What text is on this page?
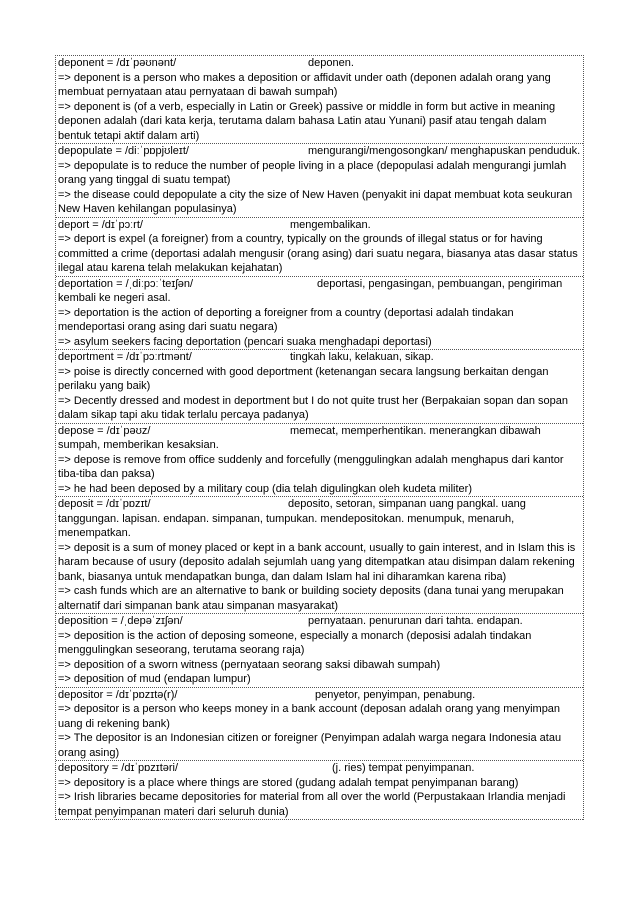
deponent = /dɪˈpəʊnənt/	deponen.
=> deponent is a person who makes a deposition or affidavit under oath (deponen adalah orang yang membuat pernyataan atau pernyataan di bawah sumpah)
=> deponent is (of a verb, especially in Latin or Greek) passive or middle in form but active in meaning deponen adalah (dari kata kerja, terutama dalam bahasa Latin atau Yunani) pasif atau tengah dalam bentuk tetapi aktif dalam arti)
depopulate = /diːˈpɒpjʊleɪt/	mengurangi/mengosongkan/ menghapuskan penduduk.
=> depopulate is to reduce the number of people living in a place (depopulasi adalah mengurangi jumlah orang yang tinggal di suatu tempat)
=> the disease could depopulate a city the size of New Haven (penyakit ini dapat membuat kota seukuran New Haven kehilangan populasinya)
deport = /dɪˈpɔːrt/	mengembalikan.
=> deport is expel (a foreigner) from a country, typically on the grounds of illegal status or for having committed a crime (deportasi adalah mengusir (orang asing) dari suatu negara, biasanya atas dasar status ilegal atau karena telah melakukan kejahatan)
deportation = /ˌdiːpɔːˈteɪʃən/	deportasi, pengasingan, pembuangan, pengiriman kembali ke negeri asal.
=> deportation is the action of deporting a foreigner from a country (deportasi adalah tindakan mendeportasi orang asing dari suatu negara)
=> asylum seekers facing deportation (pencari suaka menghadapi deportasi)
deportment = /dɪˈpɔːrtmənt/	tingkah laku, kelakuan, sikap.
=> poise is directly concerned with good deportment (ketenangan secara langsung berkaitan dengan perilaku yang baik)
=> Decently dressed and modest in deportment but I do not quite trust her (Berpakaian sopan dan sopan dalam sikap tapi aku tidak terlalu percaya padanya)
depose = /dɪˈpəʊz/	memecat, memperhentikan. menerangkan dibawah sumpah, memberikan kesaksian.
=> depose is remove from office suddenly and forcefully (menggulingkan adalah menghapus dari kantor tiba-tiba dan paksa)
=> he had been deposed by a military coup (dia telah digulingkan oleh kudeta militer)
deposit = /dɪˈpɒzɪt/	deposito, setoran, simpanan uang pangkal. uang tanggungan. lapisan. endapan. simpanan, tumpukan. mendepositokan. menumpuk, menaruh, menempatkan.
=> deposit is a sum of money placed or kept in a bank account, usually to gain interest, and in Islam this is haram because of usury (deposito adalah sejumlah uang yang ditempatkan atau disimpan dalam rekening bank, biasanya untuk mendapatkan bunga, dan dalam Islam hal ini diharamkan karena riba)
=> cash funds which are an alternative to bank or building society deposits (dana tunai yang merupakan alternatif dari simpanan bank atau simpanan masyarakat)
deposition = /ˌdepəˈzɪʃən/	pernyataan. penurunan dari tahta. endapan.
=> deposition is the action of deposing someone, especially a monarch (deposisi adalah tindakan menggulingkan seseorang, terutama seorang raja)
=> deposition of a sworn witness (pernyataan seorang saksi dibawah sumpah)
=> deposition of mud (endapan lumpur)
depositor = /dɪˈpɒzɪtə(r)/	penyetor, penyimpan, penabung.
=> depositor is a person who keeps money in a bank account (deposan adalah orang yang menyimpan uang di rekening bank)
=> The depositor is an Indonesian citizen or foreigner (Penyimpan adalah warga negara Indonesia atau orang asing)
depository = /dɪˈpɒzɪtəri/	(j. ries) tempat penyimpanan.
=> depository is a place where things are stored (gudang adalah tempat penyimpanan barang)
=> Irish libraries became depositories for material from all over the world (Perpustakaan Irlandia menjadi tempat penyimpanan materi dari seluruh dunia)
